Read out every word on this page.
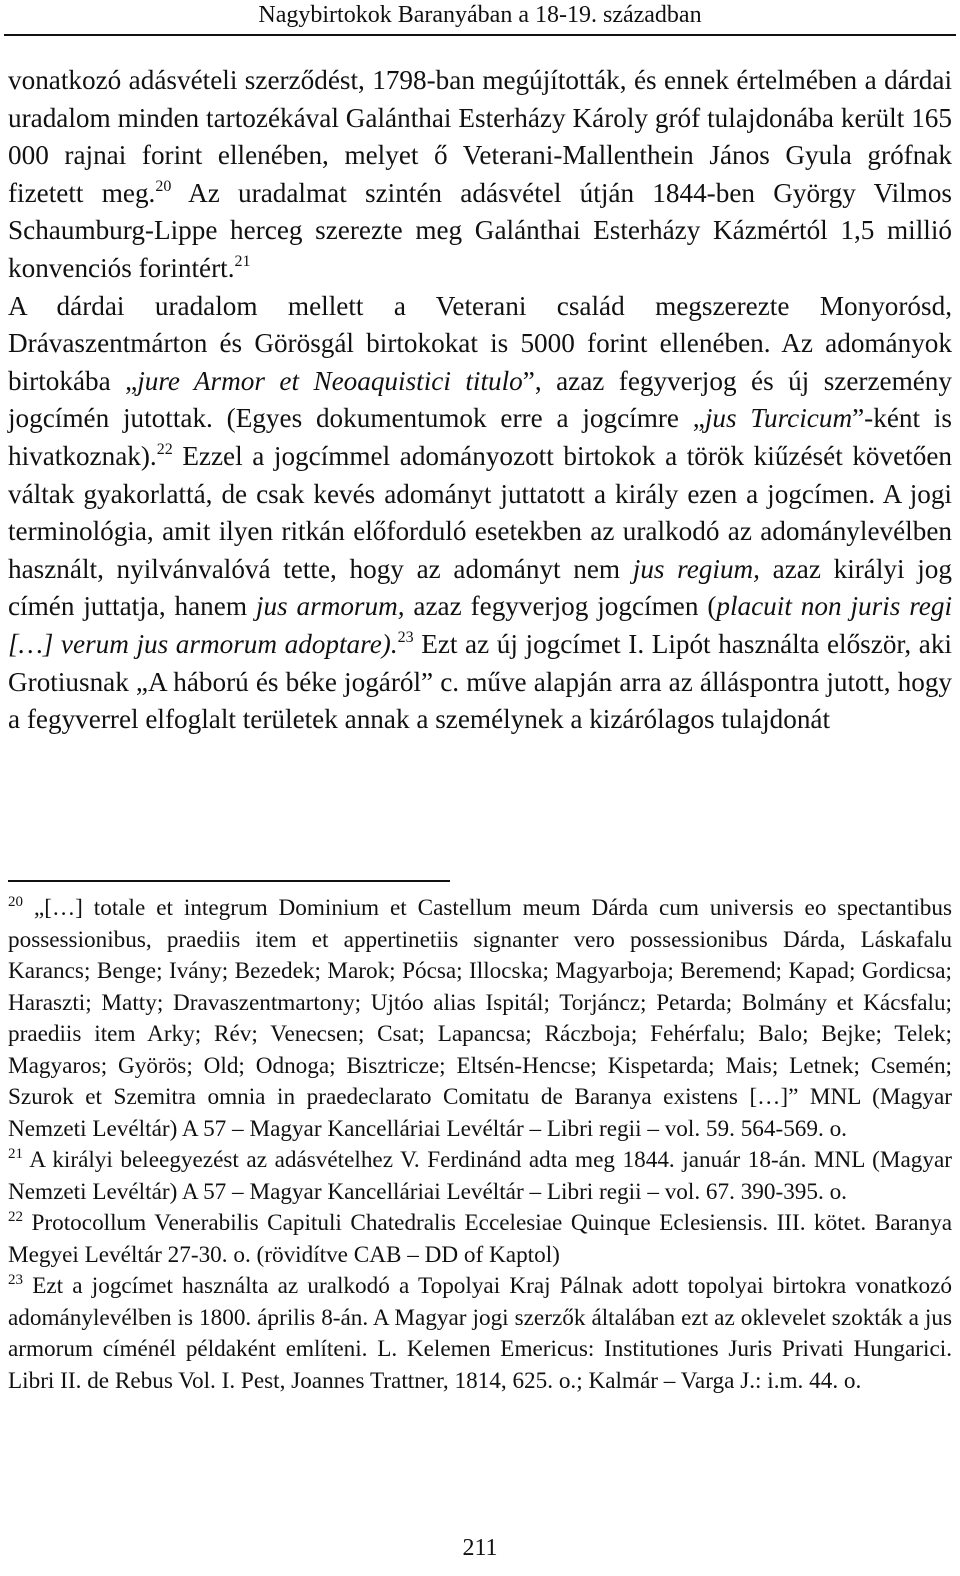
Nagybirtokok Baranyában a 18-19. században

vonatkozó adásvételi szerződést, 1798-ban megújították, és ennek értelmében a dárdai uradalom minden tartozékával Galánthai Esterházy Károly gróf tulajdonába került 165 000 rajnai forint ellenében, melyet ő Veterani-Mallenthein János Gyula grófnak fizetett meg.$^{20}$ Az uradalmat szintén adásvétel útján 1844-ben György Vilmos Schaumburg-Lippe herceg szerezte meg Galánthai Esterházy Kázmértól 1,5 millió konvenciós forintért.$^{21}$

A dárdai uradalom mellett a Veterani család megszerezte Monyorósd, Drávaszentmárton és Görösgál birtokokat is 5000 forint ellenében. Az adományok birtokába „jure Armor et Neoaquistici titulo”, azaz fegyverjog és új szerzemény jogcímén jutottak. (Egyes dokumentumok erre a jogcímre „jus Turcicum”-ként is hivatkoznak).$^{22}$ Ezzel a jogcímmel adományozott birtokok a török kiűzését követően váltak gyakorlattá, de csak kevés adományt juttatott a király ezen a jogcímen. A jogi terminológia, amit ilyen ritkán előforduló esetekben az uralkodó az adománylevélben használt, nyilvánvalóvá tette, hogy az adományt nem jus regium, azaz királyi jog címén juttatja, hanem jus armorum, azaz fegyverjog jogcímen (placuit non juris regi […] verum jus armorum adoptare).$^{23}$ Ezt az új jogcímet I. Lipót használta először, aki Grotiusnak „A háború és béke jogáról” c. műve alapján arra az álláspontra jutott, hogy a fegyverrel elfoglalt területek annak a személynek a kizárólagos tulajdonát

$^{20}$ „[…] totale et integrum Dominium et Castellum meum Dárda cum universis eo spectantibus possessionibus, praediis item et appertinetiis signanter vero possessionibus Dárda, Láskafalu Karancs; Benge; Ivány; Bezedek; Marok; Pócsa; Illocska; Magyarboja; Beremend; Kapad; Gordicsa; Haraszti; Matty; Dravaszentmartony; Ujtóo alias Ispitál; Torjáncz; Petarda; Bolmány et Kácsfalu; praediis item Arky; Rév; Venecsen; Csat; Lapancsa; Ráczboja; Fehérfalu; Balo; Bejke; Telek; Magyaros; Györös; Old; Odnoga; Bisztricze; Eltsén-Hencse; Kispetarda; Mais; Letnek; Csemén; Szurok et Szemitra omnia in praedeclarato Comitatu de Baranya existens […]” MNL (Magyar Nemzeti Levéltár) A 57 – Magyar Kancelláriai Levéltár – Libri regii – vol. 59. 564-569. o.

$^{21}$ A királyi beleegyezést az adásvételhez V. Ferdinánd adta meg 1844. január 18-án. MNL (Magyar Nemzeti Levéltár) A 57 – Magyar Kancelláriai Levéltár – Libri regii – vol. 67. 390-395. o.

$^{22}$ Protocollum Venerabilis Capituli Chatedralis Eccelesiae Quinque Eclesiensis. III. kötet. Baranya Megyei Levéltár 27-30. o. (rövidítve CAB – DD of Kaptol)

$^{23}$ Ezt a jogcímet használta az uralkodó a Topolyai Kraj Pálnak adott topolyai birtokra vonatkozó adománylevélben is 1800. április 8-án. A Magyar jogi szerzők általában ezt az oklevelet szokták a jus armorum címénél példaként említeni. L. Kelemen Emericus: Institutiones Juris Privati Hungarici. Libri II. de Rebus Vol. I. Pest, Joannes Trattner, 1814, 625. o.; Kalmár – Varga J.: i.m. 44. o.

211
